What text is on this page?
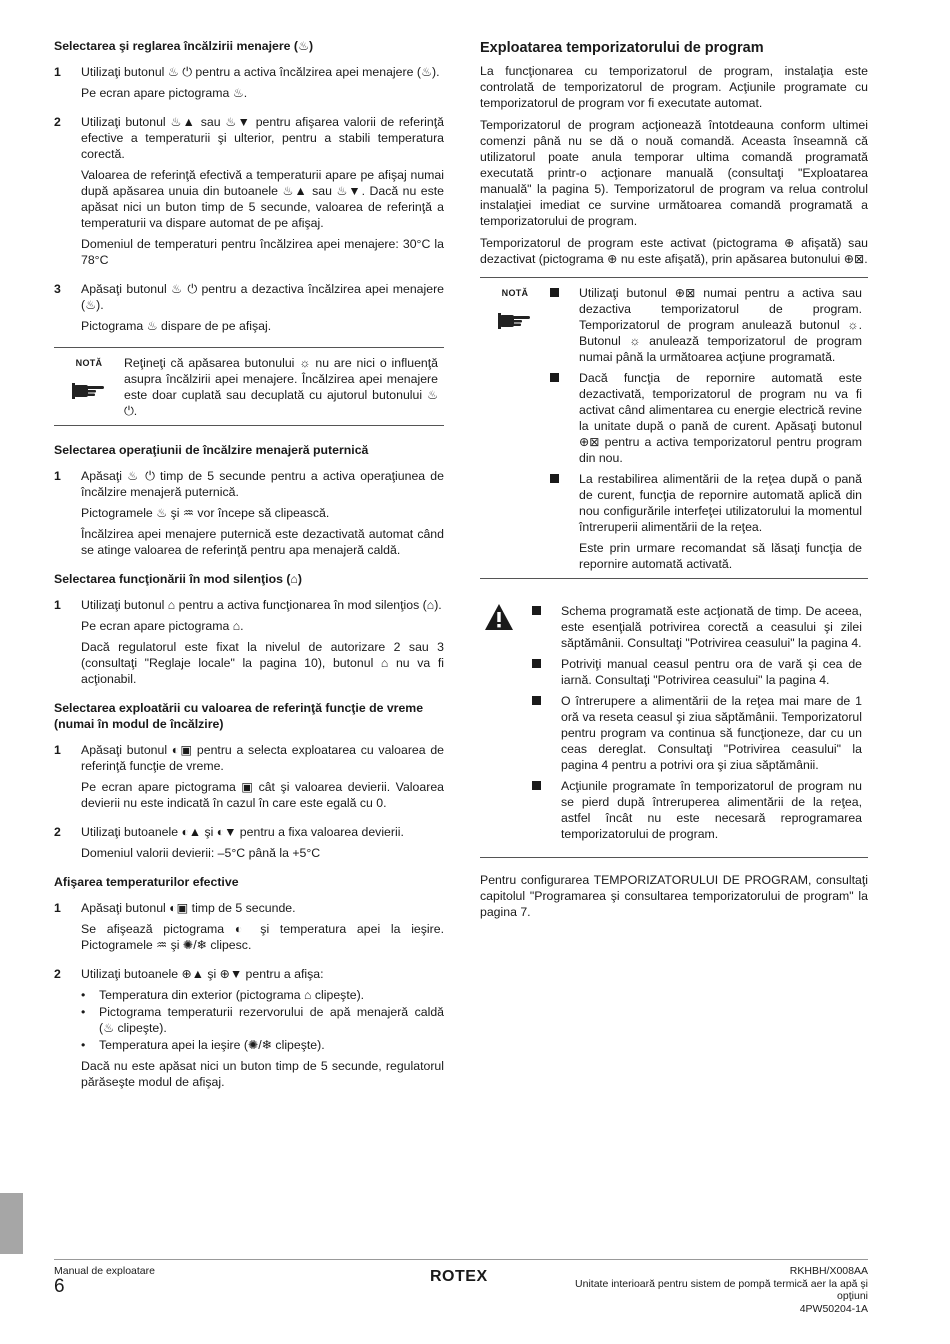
Selectarea şi reglarea încălzirii menajere (♨)
1	Utilizaţi butonul ♨ ⏻ pentru a activa încălzirea apei menajere (♨).

Pe ecran apare pictograma ♨.

2	Utilizaţi butonul ♨▲ sau ♨▼ pentru afişarea valorii de referinţă efective a temperaturii şi ulterior, pentru a stabili temperatura corectă.

Valoarea de referinţă efectivă a temperaturii apare pe afişaj numai după apăsarea unuia din butoanele ♨▲ sau ♨▼. Dacă nu este apăsat nici un buton timp de 5 secunde, valoarea de referinţă a temperaturii va dispare automat de pe afişaj.

Domeniul de temperaturi pentru încălzirea apei menajere: 30°C la 78°C

3	Apăsaţi butonul ♨ ⏻ pentru a dezactiva încălzirea apei menajere (♨).

Pictograma ♨ dispare de pe afişaj.

NOTĂ	Reţineţi că apăsarea butonului ☼ nu are nici o influenţă asupra încălzirii apei menajere. Încălzirea apei menajere este doar cuplată sau decuplată cu ajutorul butonului ♨ ⏻.

Selectarea operaţiunii de încălzire menajeră puternică
1	Apăsaţi ♨ ⏻ timp de 5 secunde pentru a activa operaţiunea de încălzire menajeră puternică.

Pictogramele ♨ şi ♒ vor începe să clipească.

Încălzirea apei menajere puternică este dezactivată automat când se atinge valoarea de referinţă pentru apa menajeră caldă.

Selectarea funcţionării în mod silenţios (⌂)
1	Utilizaţi butonul ⌂ pentru a activa funcţionarea în mod silenţios (⌂).

Pe ecran apare pictograma ⌂.

Dacă regulatorul este fixat la nivelul de autorizare 2 sau 3 (consultaţi "Reglaje locale" la pagina 10), butonul ⌂ nu va fi acţionabil.

Selectarea exploatării cu valoarea de referinţă funcţie de vreme (numai în modul de încălzire)
1	Apăsaţi butonul ◐▣ pentru a selecta exploatarea cu valoarea de referinţă funcţie de vreme.

Pe ecran apare pictograma ▣ cât şi valoarea devierii. Valoarea devierii nu este indicată în cazul în care este egală cu 0.

2	Utilizaţi butoanele ◐▲ şi ◐▼ pentru a fixa valoarea devierii.

Domeniul valorii devierii: –5°C până la +5°C

Afişarea temperaturilor efective
1	Apăsaţi butonul ◐▣ timp de 5 secunde.

Se afişează pictograma ◐ şi temperatura apei la ieşire. Pictogramele ♒ şi ✺/❄ clipesc.

2	Utilizaţi butoanele ⊕▲ şi ⊕▼ pentru a afişa:

•	Temperatura din exterior (pictograma ⌂ clipeşte).

•	Pictograma temperaturii rezervorului de apă menajeră caldă (♨ clipeşte).

•	Temperatura apei la ieşire (✺/❄ clipeşte).

Dacă nu este apăsat nici un buton timp de 5 secunde, regulatorul părăseşte modul de afişaj.

Exploatarea temporizatorului de program

La funcţionarea cu temporizatorul de program, instalaţia este controlată de temporizatorul de program. Acţiunile programate cu temporizatorul de program vor fi executate automat.

Temporizatorul de program acţionează întotdeauna conform ultimei comenzi până nu se dă o nouă comandă. Aceasta înseamnă că utilizatorul poate anula temporar ultima comandă programată executată printr-o acţionare manuală (consultaţi "Exploatarea manuală" la pagina 5). Temporizatorul de program va relua controlul instalaţiei imediat ce survine următoarea comandă programată a temporizatorului de program.

Temporizatorul de program este activat (pictograma ⊕ afişată) sau dezactivat (pictograma ⊕ nu este afişată), prin apăsarea butonului ⊕⊠.

NOTĂ	Utilizaţi butonul ⊕⊠ numai pentru a activa sau dezactiva temporizatorul de program. Temporizatorul de program anulează butonul ☼. Butonul ☼ anulează temporizatorul de program numai până la următoarea acţiune programată.

Dacă funcţia de repornire automată este dezactivată, temporizatorul de program nu va fi activat când alimentarea cu energie electrică revine la unitate după o pană de curent. Apăsaţi butonul ⊕⊠ pentru a activa temporizatorul pentru program din nou.

La restabilirea alimentării de la reţea după o pană de curent, funcţia de repornire automată aplică din nou configurările interfeţei utilizatorului la momentul întreruperii alimentării de la reţea.

Este prin urmare recomandat să lăsaţi funcţia de repornire automată activată.

Schema programată este acţionată de timp. De aceea, este esenţială potrivirea corectă a ceasului şi zilei săptămânii. Consultaţi "Potrivirea ceasului" la pagina 4.

Potriviţi manual ceasul pentru ora de vară şi cea de iarnă. Consultaţi "Potrivirea ceasului" la pagina 4.

O întrerupere a alimentării de la reţea mai mare de 1 oră va reseta ceasul şi ziua săptămânii. Temporizatorul pentru program va continua să funcţioneze, dar cu un ceas dereglat. Consultaţi "Potrivirea ceasului" la pagina 4 pentru a potrivi ora şi ziua săptămânii.

Acţiunile programate în temporizatorul de program nu se pierd după întreruperea alimentării de la reţea, astfel încât nu este necesară reprogramarea temporizatorului de program.

Pentru configurarea TEMPORIZATORULUI DE PROGRAM, consultaţi capitolul "Programarea şi consultarea temporizatorului de program" la pagina 7.

Manual de exploatare
6	ROTEX	RKHBH/X008AA
Unitate interioară pentru sistem de pompă termică aer la apă şi opţiuni
4PW50204-1A
